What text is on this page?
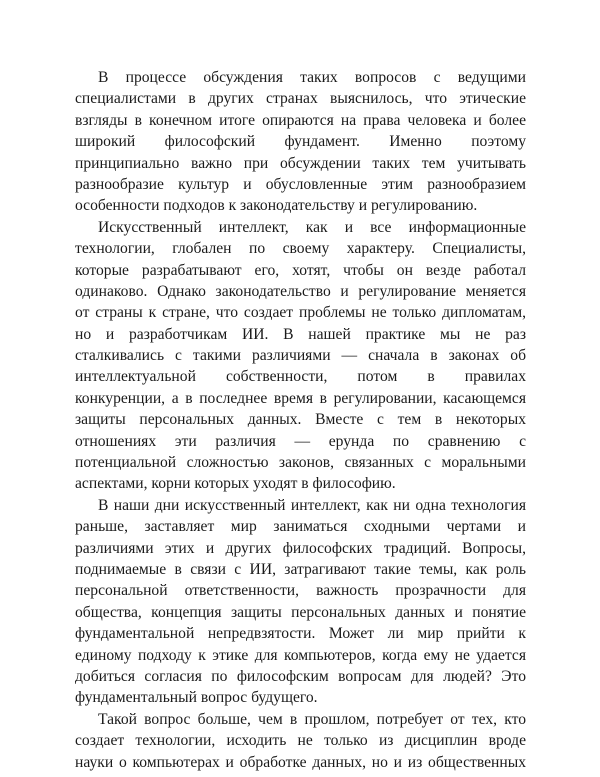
В процессе обсуждения таких вопросов с ведущими
специалистами в других странах выяснилось, что этические
взгляды в конечном итоге опираются на права человека и более
широкий философский фундамент. Именно поэтому
принципиально важно при обсуждении таких тем учитывать
разнообразие культур и обусловленные этим разнообразием
особенности подходов к законодательству и регулированию.
Искусственный интеллект, как и все информационные
технологии, глобален по своему характеру. Специалисты,
которые разрабатывают его, хотят, чтобы он везде работал
одинаково. Однако законодательство и регулирование меняется
от страны к стране, что создает проблемы не только дипломатам,
но и разработчикам ИИ. В нашей практике мы не раз
сталкивались с такими различиями — сначала в законах об
интеллектуальной собственности, потом в правилах
конкуренции, а в последнее время в регулировании, касающемся
защиты персональных данных. Вместе с тем в некоторых
отношениях эти различия — ерунда по сравнению с
потенциальной сложностью законов, связанных с моральными
аспектами, корни которых уходят в философию.
В наши дни искусственный интеллект, как ни одна технология
раньше, заставляет мир заниматься сходными чертами и
различиями этих и других философских традиций. Вопросы,
поднимаемые в связи с ИИ, затрагивают такие темы, как роль
персональной ответственности, важность прозрачности для
общества, концепция защиты персональных данных и понятие
фундаментальной непредвзятости. Может ли мир прийти к
единому подходу к этике для компьютеров, когда ему не удается
добиться согласия по философским вопросам для людей? Это
фундаментальный вопрос будущего.
Такой вопрос больше, чем в прошлом, потребует от тех, кто
создает технологии, исходить не только из дисциплин вроде
науки о компьютерах и обработке данных, но и из общественных
